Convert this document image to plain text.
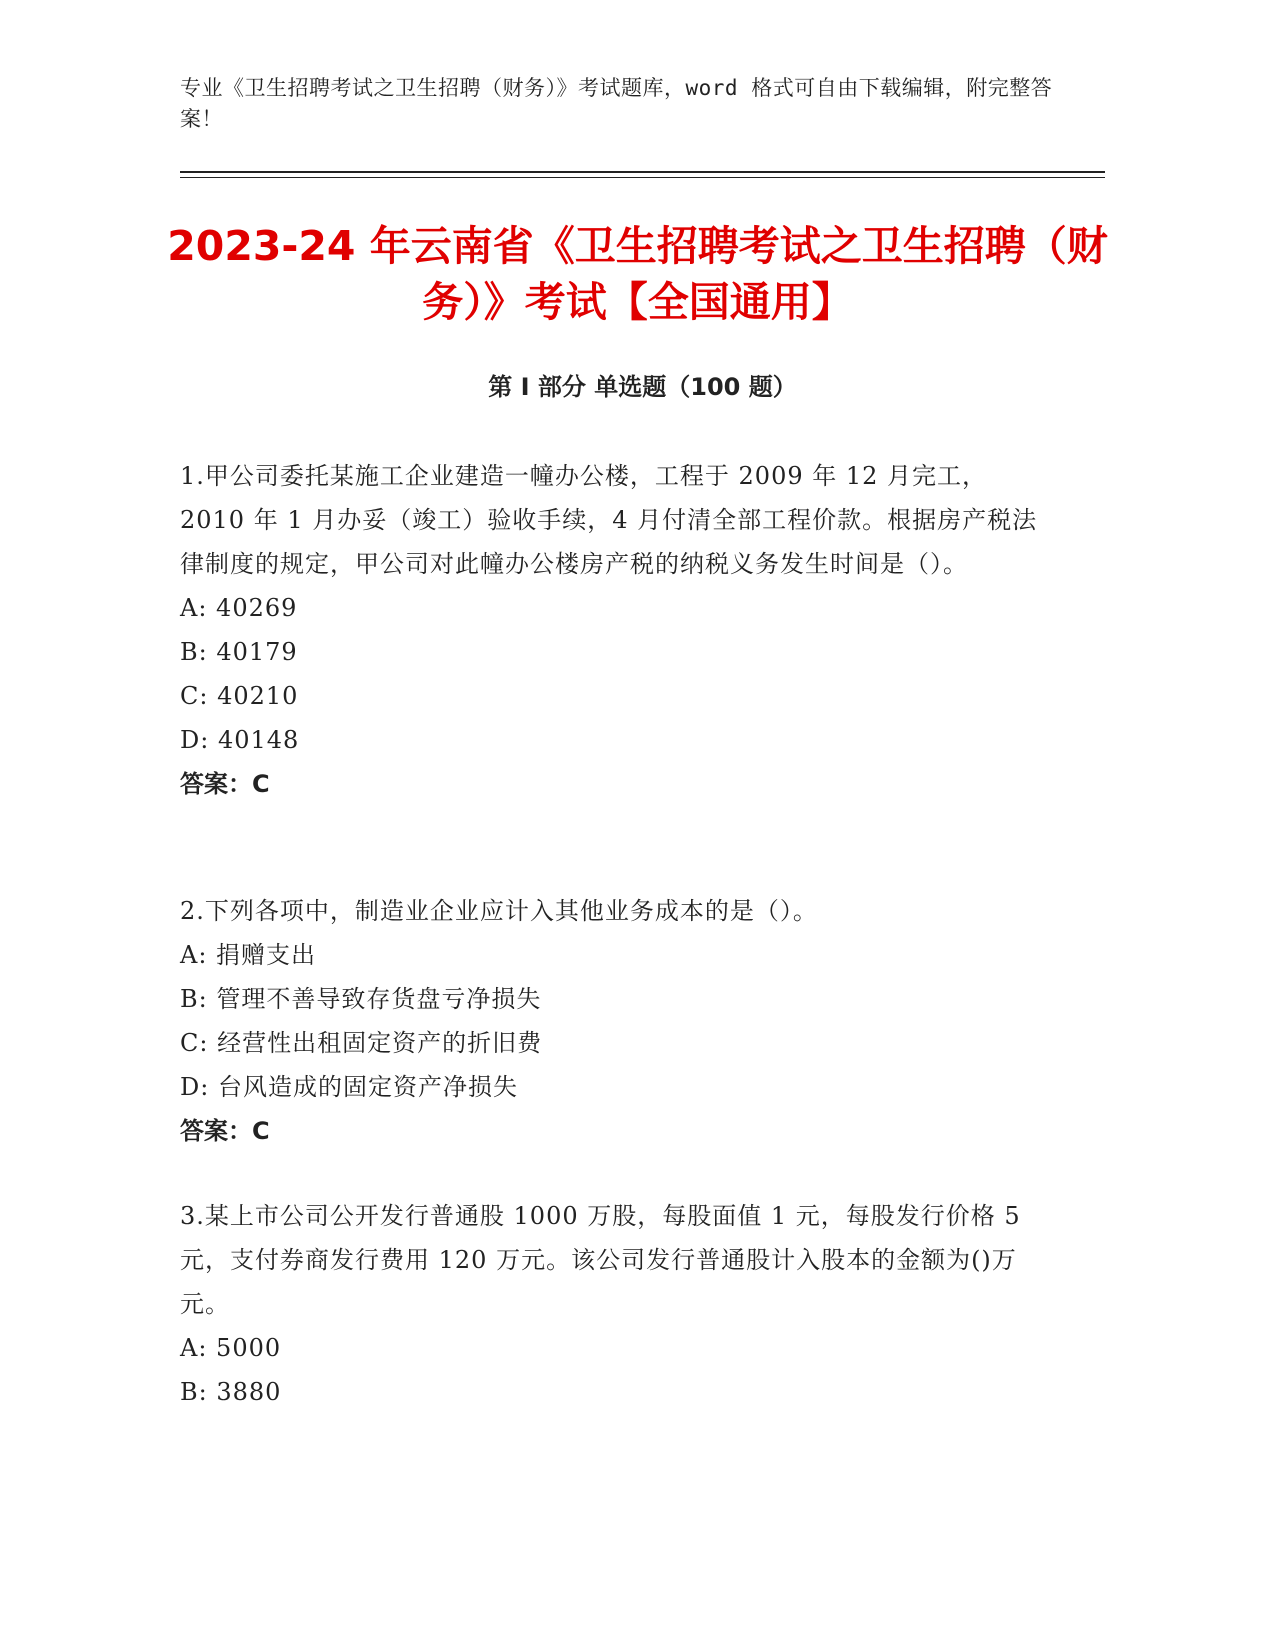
专业《卫生招聘考试之卫生招聘（财务）》考试题库，word 格式可自由下载编辑，附完整答案！
2023-24 年云南省《卫生招聘考试之卫生招聘（财务）》考试【全国通用】
第 I 部分 单选题（100 题）

1.甲公司委托某施工企业建造一幢办公楼，工程于 2009 年 12 月完工，2010 年 1 月办妥（竣工）验收手续，4 月付清全部工程价款。根据房产税法律制度的规定，甲公司对此幢办公楼房产税的纳税义务发生时间是（）。

A: 40269

B: 40179

C: 40210

D: 40148

答案：C

2.下列各项中，制造业企业应计入其他业务成本的是（）。

A: 捐赠支出

B: 管理不善导致存货盘亏净损失

C: 经营性出租固定资产的折旧费

D: 台风造成的固定资产净损失

答案：C

3.某上市公司公开发行普通股 1000 万股，每股面值 1 元，每股发行价格 5 元，支付券商发行费用 120 万元。该公司发行普通股计入股本的金额为()万元。

A: 5000

B: 3880
